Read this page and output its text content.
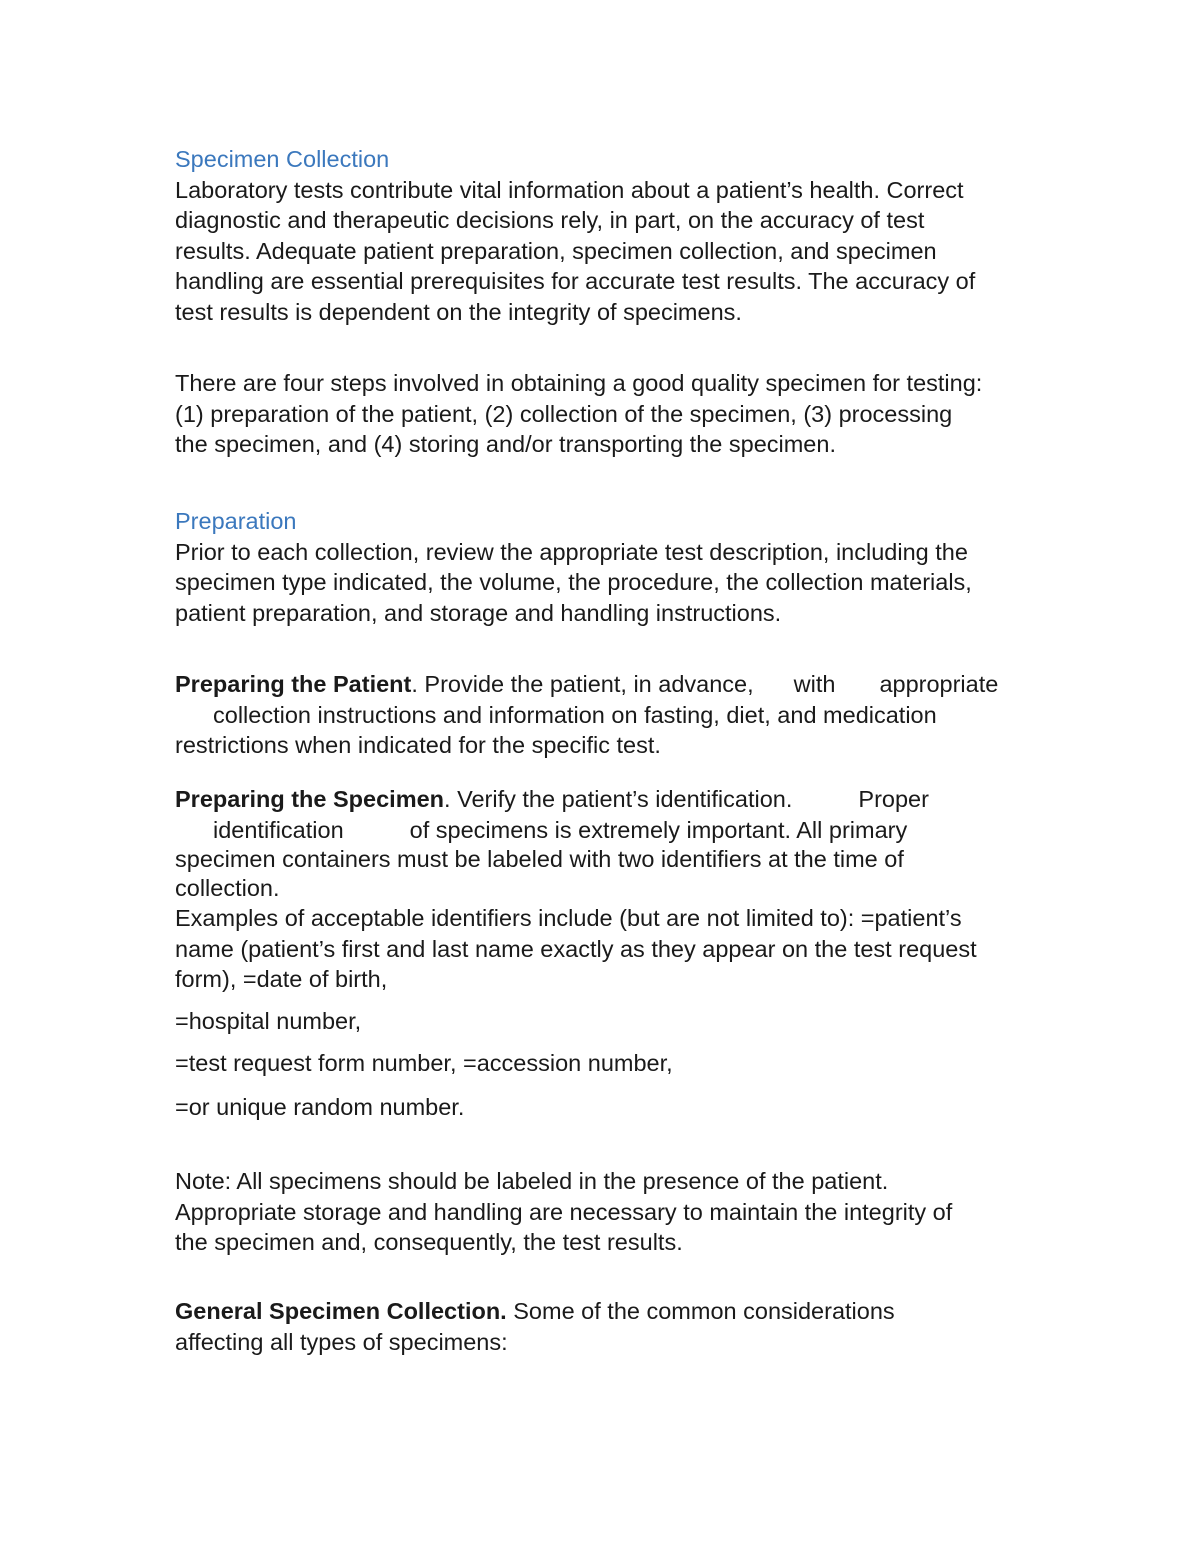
Specimen Collection
Laboratory tests contribute vital information about a patient’s health. Correct
diagnostic and therapeutic decisions rely, in part, on the accuracy of test
results. Adequate patient preparation, specimen collection, and specimen
handling are essential prerequisites for accurate test results. The accuracy of
test results is dependent on the integrity of specimens.
There are four steps involved in obtaining a good quality specimen for testing:
(1) preparation of the patient, (2) collection of the specimen, (3) processing
the specimen, and (4) storing and/or transporting the specimen.
Preparation
Prior to each collection, review the appropriate test description, including the
specimen type indicated, the volume, the procedure, the collection materials,
patient preparation, and storage and handling instructions.
Preparing the Patient. Provide the patient, in advance, with appropriate
collection instructions and information on fasting, diet, and medication
restrictions when indicated for the specific test.
Preparing the Specimen. Verify the patient’s identification.	Proper
identification	of specimens is extremely important. All primary
specimen containers must be labeled with two identifiers at the time of
collection.
Examples of acceptable identifiers include (but are not limited to): =patient’s
name (patient’s first and last name exactly as they appear on the test request
form), =date of birth,
=hospital number,
=test request form number, =accession number,
=or unique random number.
Note: All specimens should be labeled in the presence of the patient.
Appropriate storage and handling are necessary to maintain the integrity of
the specimen and, consequently, the test results.
General Specimen Collection. Some of the common considerations
affecting all types of specimens:
